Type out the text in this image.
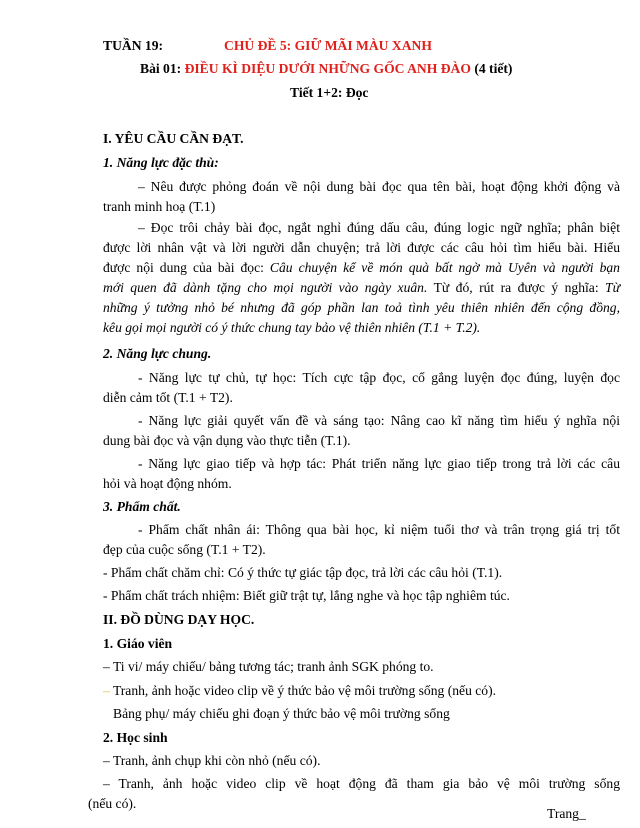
TUẦN 19:	CHỦ ĐỀ 5: GIỮ MÃI MÀU XANH
Bài 01: ĐIỀU KÌ DIỆU DƯỚI NHỮNG GỐC ANH ĐÀO (4 tiết)
Tiết 1+2: Đọc
I. YÊU CẦU CẦN ĐẠT.
1. Năng lực đặc thù:
– Nêu được phỏng đoán về nội dung bài đọc qua tên bài, hoạt động khởi động và
tranh minh hoạ (T.1)
– Đọc trôi chảy bài đọc, ngắt nghỉ đúng dấu câu, đúng logic ngữ nghĩa; phân biệt
được lời nhân vật và lời người dẫn chuyện; trả lời được các câu hỏi tìm hiểu bài. Hiểu
được nội dung của bài đọc: Câu chuyện kể về món quà bất ngờ mà Uyên và người bạn
mới quen đã dành tặng cho mọi người vào ngày xuân. Từ đó, rút ra được ý nghĩa: Từ
những ý tưởng nhỏ bé nhưng đã góp phần lan toả tình yêu thiên nhiên đến cộng đồng,
kêu gọi mọi người có ý thức chung tay bảo vệ thiên nhiên (T.1 + T.2).
2. Năng lực chung.
- Năng lực tự chủ, tự học: Tích cực tập đọc, cố gắng luyện đọc đúng, luyện đọc
diễn cảm tốt (T.1 + T2).
- Năng lực giải quyết vấn đề và sáng tạo: Nâng cao kĩ năng tìm hiểu ý nghĩa nội
dung bài đọc và vận dụng vào thực tiễn (T.1).
- Năng lực giao tiếp và hợp tác: Phát triển năng lực giao tiếp trong trả lời các câu
hỏi và hoạt động nhóm.
3. Phẩm chất.
- Phẩm chất nhân ái: Thông qua bài học, kỉ niệm tuổi thơ và trân trọng giá trị tốt
đẹp của cuộc sống (T.1 + T2).
- Phẩm chất chăm chỉ: Có ý thức tự giác tập đọc, trả lời các câu hỏi (T.1).
- Phẩm chất trách nhiệm: Biết giữ trật tự, lắng nghe và học tập nghiêm túc.
II. ĐỒ DÙNG DẠY HỌC.
1. Giáo viên
– Ti vi/ máy chiếu/ bảng tương tác; tranh ảnh SGK phóng to.
– Tranh, ảnh hoặc video clip về ý thức bảo vệ môi trường sống (nếu có).
Bảng phụ/ máy chiếu ghi đoạn ý thức bảo vệ môi trường sống
2. Học sinh
– Tranh, ảnh chụp khi còn nhỏ (nếu có).
– Tranh, ảnh hoặc video clip về hoạt động đã tham gia bảo vệ môi trường sống
(nếu có).
Trang_
